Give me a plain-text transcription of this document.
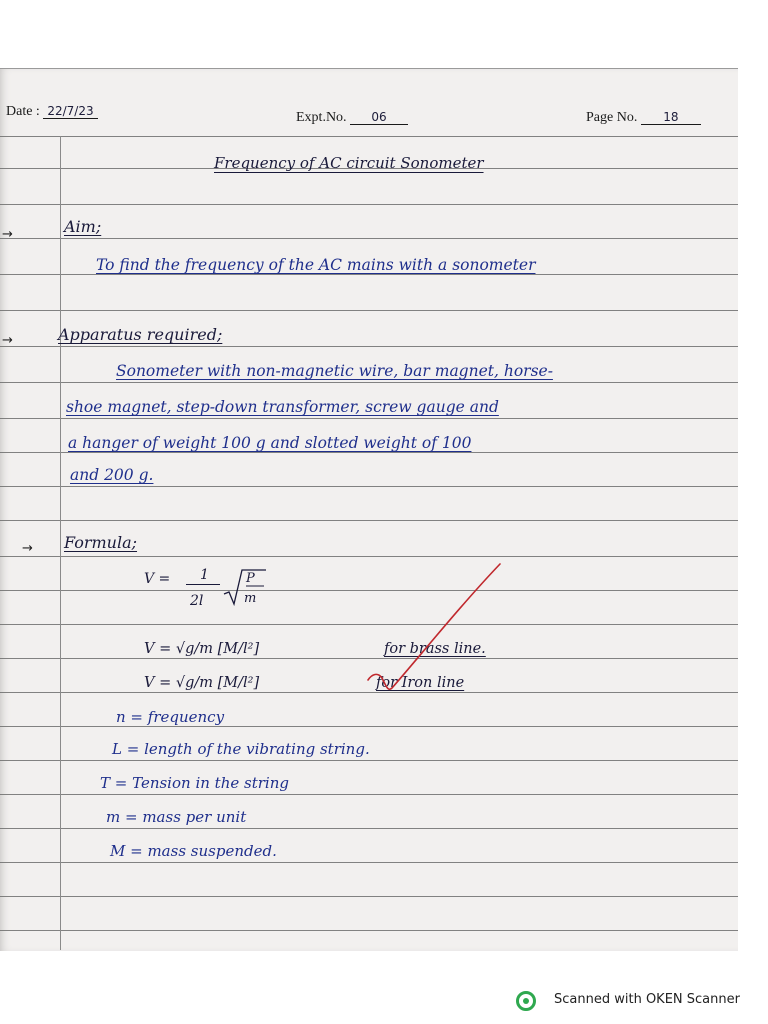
Date : 22/7/23	Expt.No. 06	Page No. 18
Frequency of AC circuit Sonometer
→	Aim;
To find the frequency of the AC mains with a sonometer
→	Apparatus required;
Sonometer with non-magnetic wire, bar magnet, horse-
shoe magnet, step-down transformer, screw gauge and
a hanger of weight 100 g and slotted weight of 100
and 200 g.
→ Formula;
V = 1
2l
P
m
V = √g/m [M/l²]	for brass line.
V = √g/m [M/l²]	for Iron line
n = frequency
L = length of the vibrating string.
T = Tension in the string
m = mass per unit
M = mass suspended.
Scanned with OKEN Scanner
